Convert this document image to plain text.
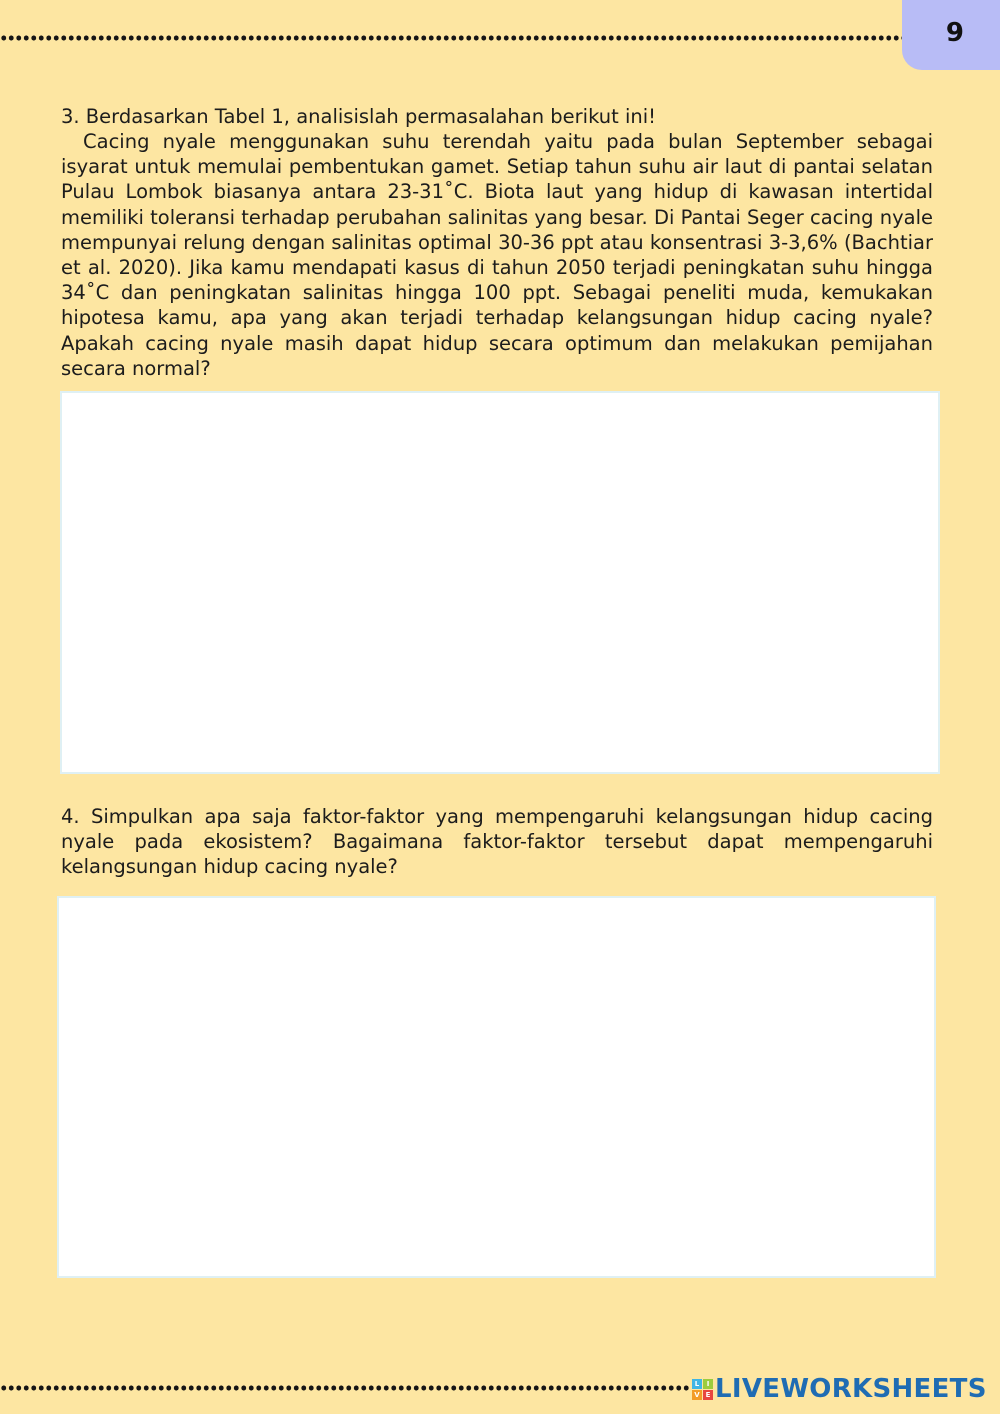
9

3. Berdasarkan Tabel 1, analisislah permasalahan berikut ini!

Cacing nyale menggunakan suhu terendah yaitu pada bulan September sebagai isyarat untuk memulai pembentukan gamet. Setiap tahun suhu air laut di pantai selatan Pulau Lombok biasanya antara 23-31˚C. Biota laut yang hidup di kawasan intertidal memiliki toleransi terhadap perubahan salinitas yang besar. Di Pantai Seger cacing nyale mempunyai relung dengan salinitas optimal 30-36 ppt atau konsentrasi 3-3,6% (Bachtiar et al. 2020). Jika kamu mendapati kasus di tahun 2050 terjadi peningkatan suhu hingga 34˚C dan peningkatan salinitas hingga 100 ppt. Sebagai peneliti muda, kemukakan hipotesa kamu, apa yang akan terjadi terhadap kelangsungan hidup cacing nyale? Apakah cacing nyale masih dapat hidup secara optimum dan melakukan pemijahan secara normal?

4. Simpulkan apa saja faktor-faktor yang mempengaruhi kelangsungan hidup cacing nyale pada ekosistem? Bagaimana faktor-faktor tersebut dapat mempengaruhi kelangsungan hidup cacing nyale?

L	I
V E LIVEWORKSHEETS
